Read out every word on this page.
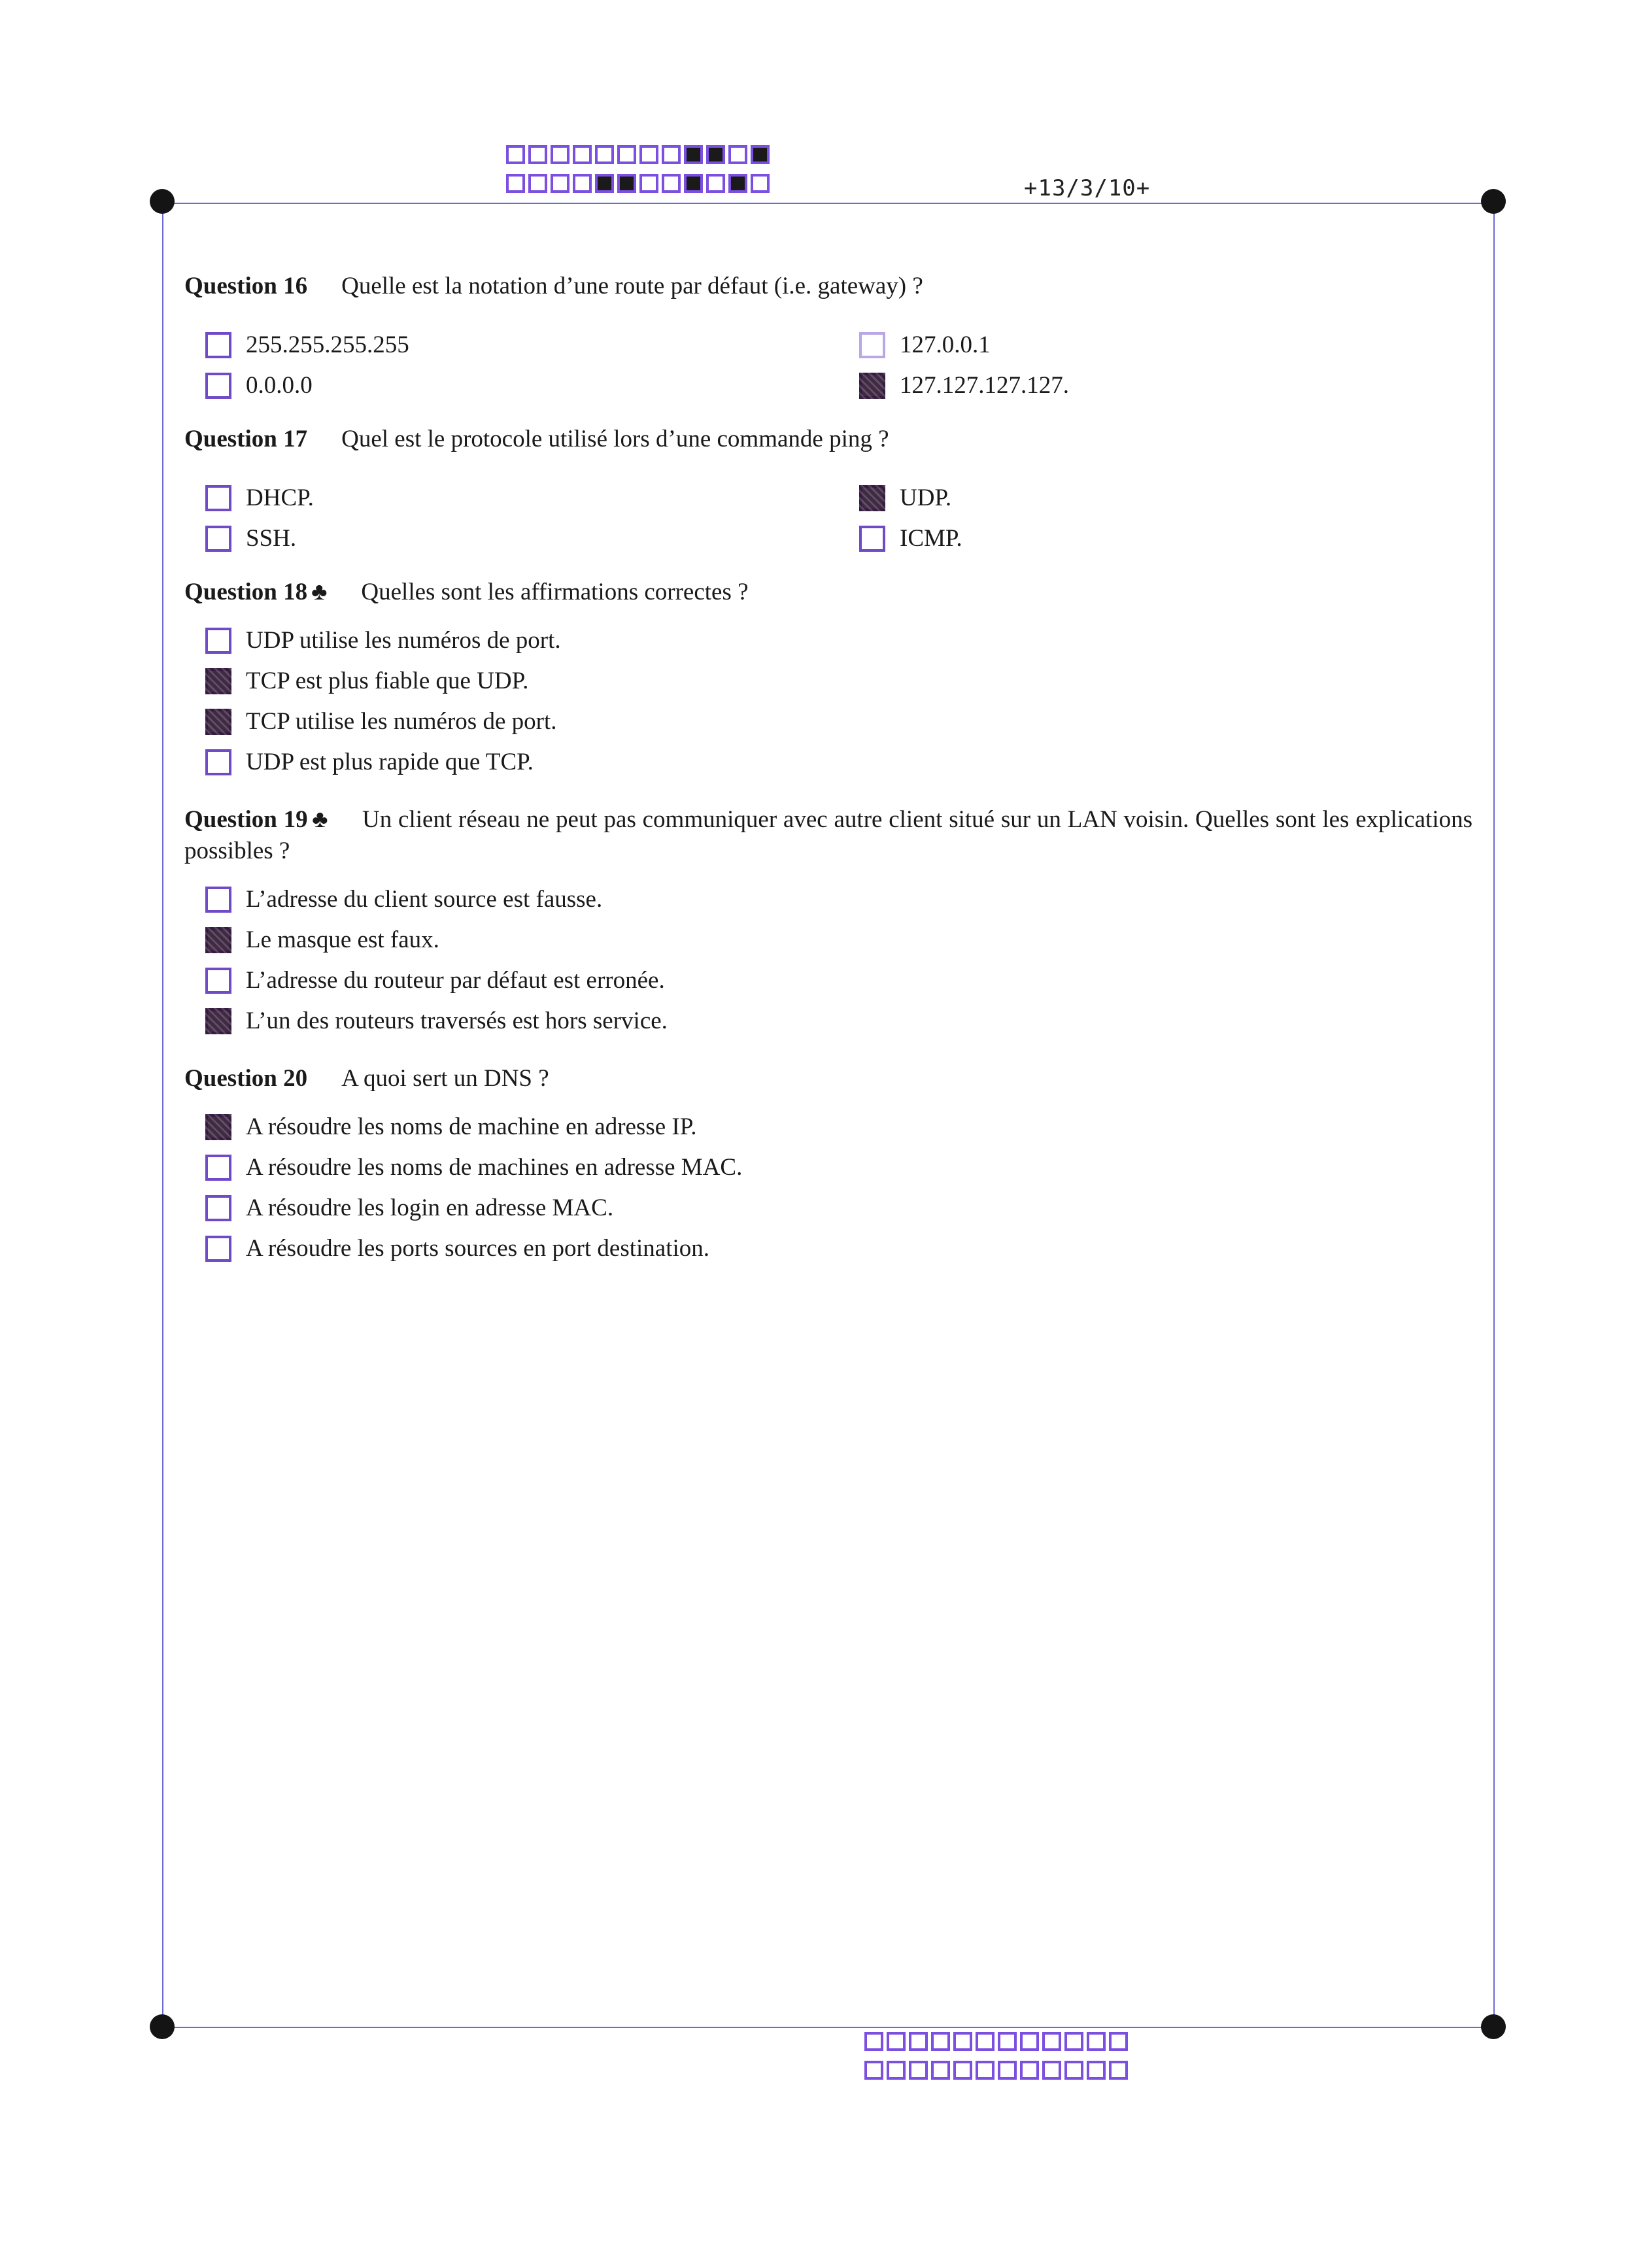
+13/3/10+
Question 16 Quelle est la notation d’une route par défaut (i.e. gateway) ?
255.255.255.255	127.0.0.1
0.0.0.0	127.127.127.127.
Question 17 Quel est le protocole utilisé lors d’une commande ping ?
DHCP.	UDP.
SSH.	ICMP.
Question 18 ♣ Quelles sont les affirmations correctes ?
UDP utilise les numéros de port.
TCP est plus fiable que UDP.
TCP utilise les numéros de port.
UDP est plus rapide que TCP.
Question 19 ♣ Un client réseau ne peut pas communiquer avec autre client situé sur un LAN voisin. Quelles sont les explications possibles ?
L’adresse du client source est fausse.
Le masque est faux.
L’adresse du routeur par défaut est erronée.
L’un des routeurs traversés est hors service.
Question 20 A quoi sert un DNS ?
A résoudre les noms de machine en adresse IP.
A résoudre les noms de machines en adresse MAC.
A résoudre les login en adresse MAC.
A résoudre les ports sources en port destination.
